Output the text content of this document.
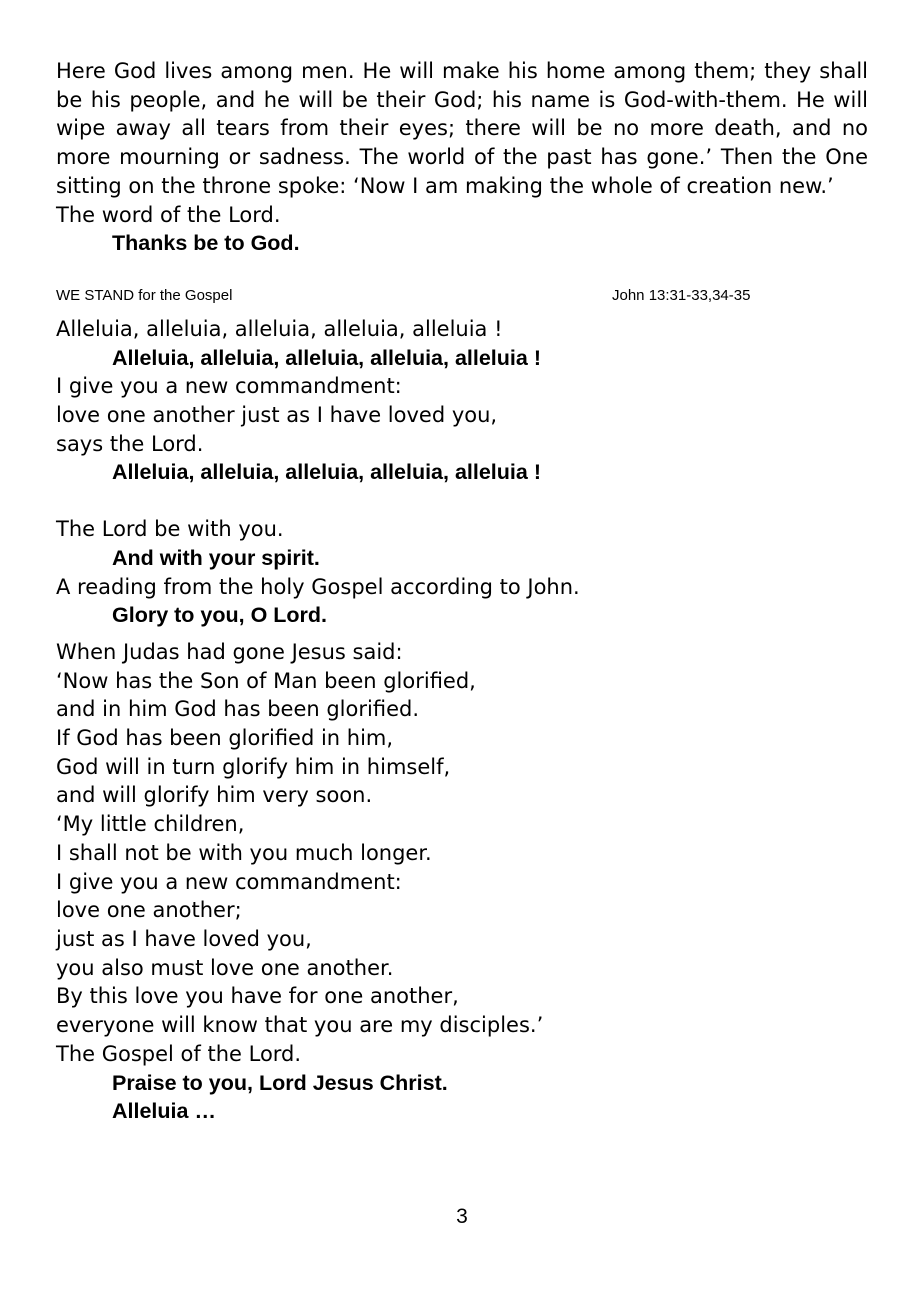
Here God lives among men. He will make his home among them; they shall be his people, and he will be their God; his name is God-with-them. He will wipe away all tears from their eyes; there will be no more death, and no more mourning or sadness. The world of the past has gone.’ Then the One sitting on the throne spoke: ‘Now I am making the whole of creation new.’
The word of the Lord.
Thanks be to God.
WE STAND for the Gospel	John 13:31-33,34-35
Alleluia, alleluia, alleluia, alleluia, alleluia !
Alleluia, alleluia, alleluia, alleluia, alleluia !
I give you a new commandment:
love one another just as I have loved you,
says the Lord.
Alleluia, alleluia, alleluia, alleluia, alleluia !
The Lord be with you.
And with your spirit.
A reading from the holy Gospel according to John.
Glory to you, O Lord.
When Judas had gone Jesus said:
‘Now has the Son of Man been glorified,
and in him God has been glorified.
If God has been glorified in him,
God will in turn glorify him in himself,
and will glorify him very soon.
‘My little children,
I shall not be with you much longer.
I give you a new commandment:
love one another;
just as I have loved you,
you also must love one another.
By this love you have for one another,
everyone will know that you are my disciples.’
The Gospel of the Lord.
Praise to you, Lord Jesus Christ.
Alleluia …
3
